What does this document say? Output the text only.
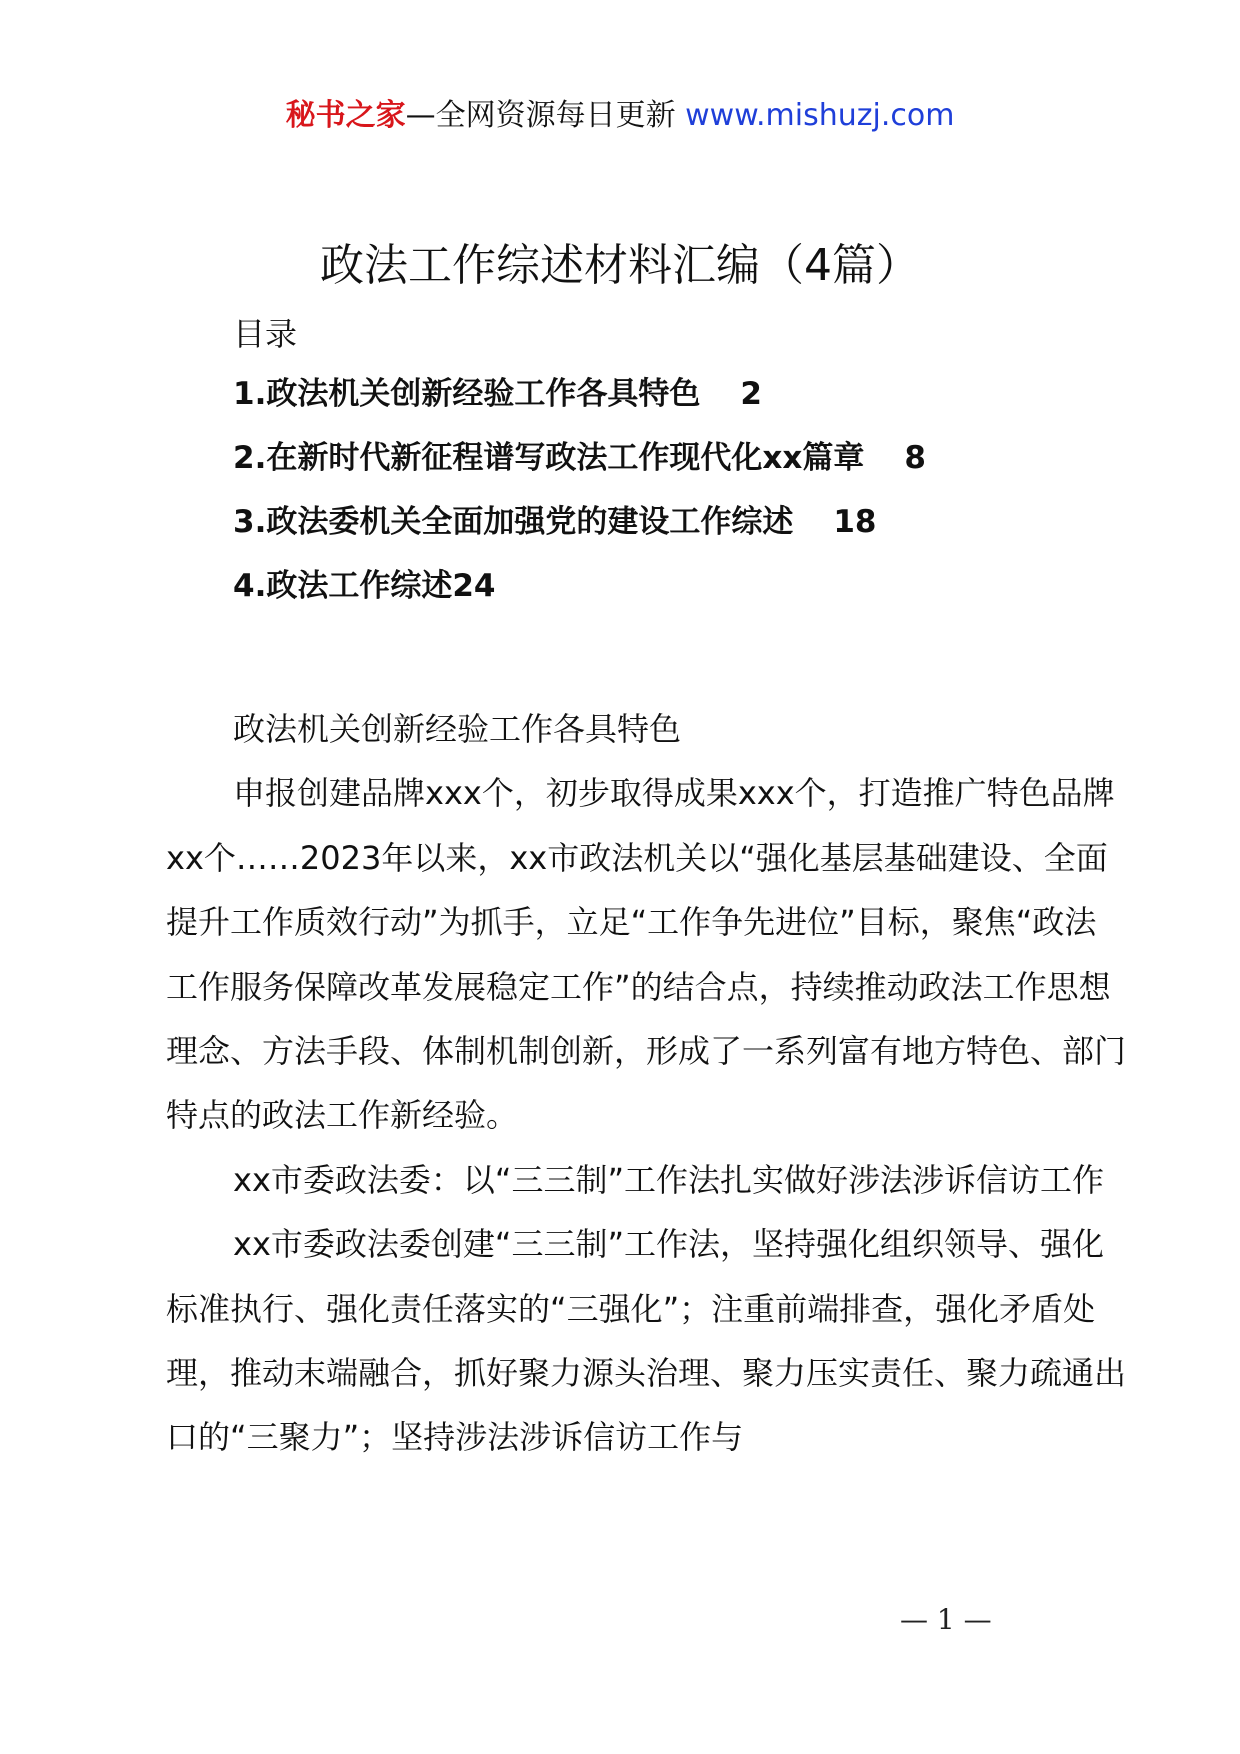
秘书之家—全网资源每日更新 www.mishuzj.com
政法工作综述材料汇编（4篇）
目录
1.政法机关创新经验工作各具特色 2
2.在新时代新征程谱写政法工作现代化xx篇章 8
3.政法委机关全面加强党的建设工作综述 18
4.政法工作综述24

政法机关创新经验工作各具特色

申报创建品牌xxx个，初步取得成果xxx个，打造推广特色品牌xx个……2023年以来，xx市政法机关以“强化基层基础建设、全面提升工作质效行动”为抓手，立足“工作争先进位”目标，聚焦“政法工作服务保障改革发展稳定工作”的结合点，持续推动政法工作思想理念、方法手段、体制机制创新，形成了一系列富有地方特色、部门特点的政法工作新经验。

xx市委政法委：以“三三制”工作法扎实做好涉法涉诉信访工作

xx市委政法委创建“三三制”工作法，坚持强化组织领导、强化标准执行、强化责任落实的“三强化”；注重前端排查，强化矛盾处理，推动末端融合，抓好聚力源头治理、聚力压实责任、聚力疏通出口的“三聚力”；坚持涉法涉诉信访工作与

— 1 —
